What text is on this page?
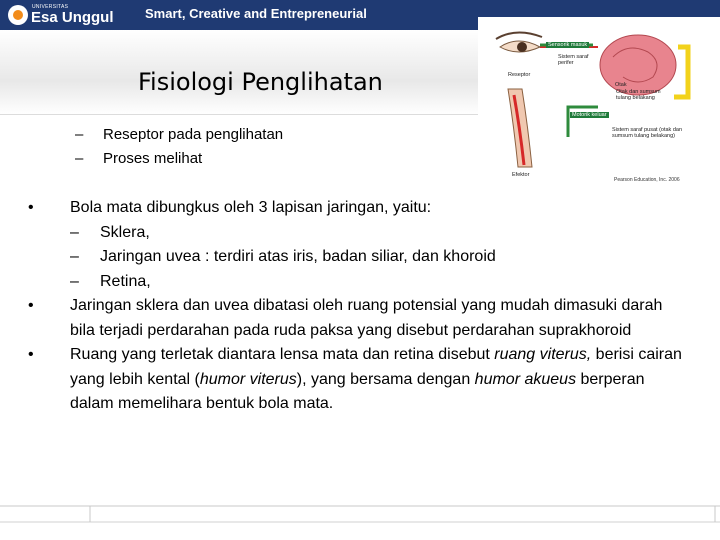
UNIVERSITAS
Esa Unggul Smart, Creative and Entrepreneurial
Fisiologi Penglihatan
– Reseptor pada penglihatan
– Proses melihat
Sensorik masuk
Sistem saraf perifer
Reseptor
Otak
Otak dan sumsum tulang belakang
Motorik keluar
Sistem saraf pusat (otak dan sumsum tulang belakang)
Efektor
Pearson Education, Inc. 2006
• Bola mata dibungkus oleh 3 lapisan jaringan, yaitu:
– Sklera,
– Jaringan uvea : terdiri atas iris, badan siliar, dan khoroid
– Retina,
• Jaringan sklera dan uvea dibatasi oleh ruang potensial yang mudah dimasuki darah bila terjadi perdarahan pada ruda paksa yang disebut perdarahan suprakhoroid
• Ruang yang terletak diantara lensa mata dan retina disebut ruang viterus, berisi cairan yang lebih kental (humor viterus), yang bersama dengan humor akueus berperan dalam memelihara bentuk bola mata.
